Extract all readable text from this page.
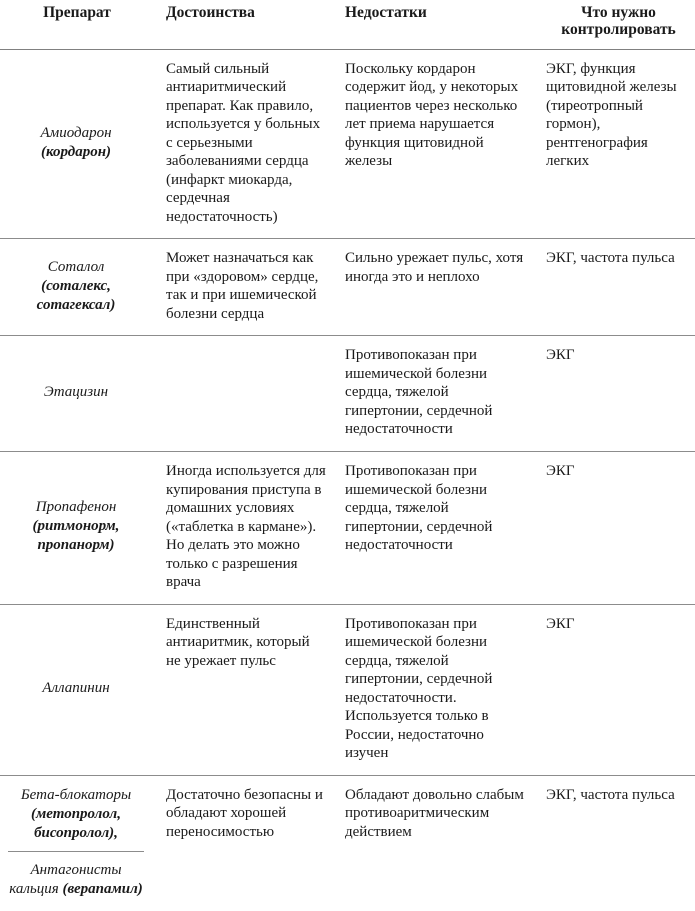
Препарат	Достоинства	Недостатки	Что нужно
контролировать
Амиодарон
(кордарон)	Самый сильный антиаритмический препарат. Как правило, используется у больных с серьезными заболеваниями сердца (инфаркт миокарда, сердечная недостаточность)	Поскольку кордарон содержит йод, у некоторых пациентов через несколько лет приема нарушается функция щитовидной железы	ЭКГ, функция щитовидной железы (тиреотропный гормон), рентгенография легких
Соталол
(соталекс, сотагексал)	Может назначаться как при «здоровом» сердце, так и при ишемической болезни сердца	Сильно урежает пульс, хотя иногда это и неплохо	ЭКГ, частота пульса
Этацизин		Противопоказан при ишемической болезни сердца, тяжелой гипертонии, сердечной недостаточности	ЭКГ
Пропафенон
(ритмонорм, пропанорм)	Иногда используется для купирования приступа в домашних условиях («таблетка в кармане»). Но делать это можно только с разрешения врача	Противопоказан при ишемической болезни сердца, тяжелой гипертонии, сердечной недостаточности	ЭКГ
Аллапинин	Единственный антиаритмик, который не урежает пульс	Противопоказан при ишемической болезни сердца, тяжелой гипертонии, сердечной недостаточности. Используется только в России, недостаточно изучен	ЭКГ

Бета-блокаторы
(метопролол, бисопролол),
Антагонисты кальция (верапамил)	Достаточно безопасны и обладают хорошей переносимостью	Обладают довольно слабым противоаритмическим действием	ЭКГ, частота пульса
